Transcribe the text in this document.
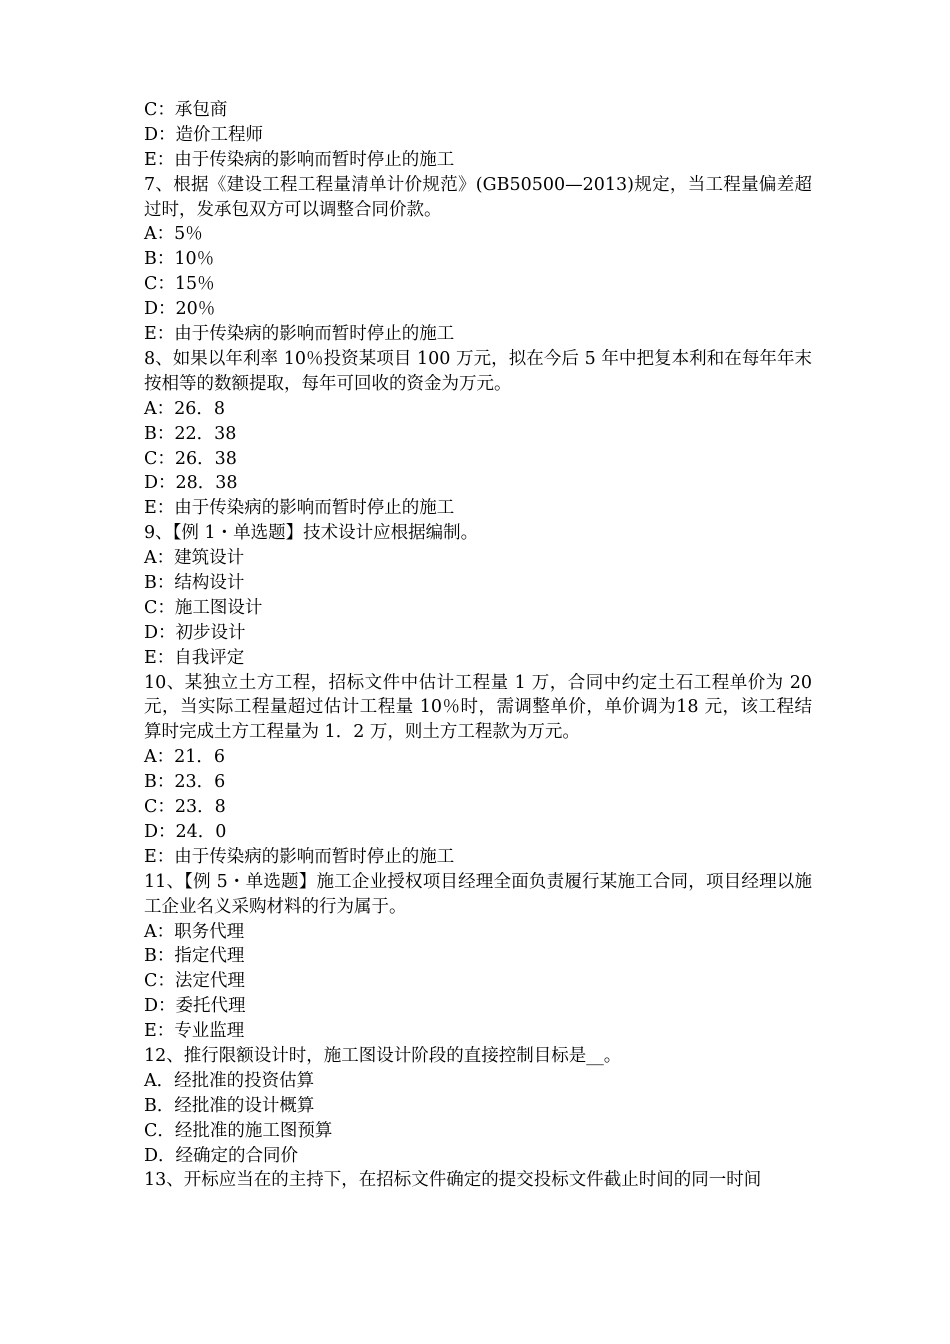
C：承包商

D：造价工程师

E：由于传染病的影响而暂时停止的施工

7、根据《建设工程工程量清单计价规范》(GB50500—2013)规定，当工程量偏差超过时，发承包双方可以调整合同价款。

A：5％

B：10％

C：15％

D：20％

E：由于传染病的影响而暂时停止的施工

8、如果以年利率 10％投资某项目 100 万元，拟在今后 5 年中把复本利和在每年年末按相等的数额提取，每年可回收的资金为万元。

A：26．8

B：22．38

C：26．38

D：28．38

E：由于传染病的影响而暂时停止的施工

9、【例 1・单选题】技术设计应根据编制。

A：建筑设计

B：结构设计

C：施工图设计

D：初步设计

E：自我评定

10、某独立土方工程，招标文件中估计工程量 1 万，合同中约定土石工程单价为 20 元，当实际工程量超过估计工程量 10％时，需调整单价，单价调为18 元，该工程结算时完成土方工程量为 1．2 万，则土方工程款为万元。

A：21．6

B：23．6

C：23．8

D：24．0

E：由于传染病的影响而暂时停止的施工

11、【例 5・单选题】施工企业授权项目经理全面负责履行某施工合同，项目经理以施工企业名义采购材料的行为属于。

A：职务代理

B：指定代理

C：法定代理

D：委托代理

E：专业监理

12、推行限额设计时，施工图设计阶段的直接控制目标是__。

A．经批准的投资估算

B．经批准的设计概算

C．经批准的施工图预算

D．经确定的合同价

13、开标应当在的主持下，在招标文件确定的提交投标文件截止时间的同一时间
